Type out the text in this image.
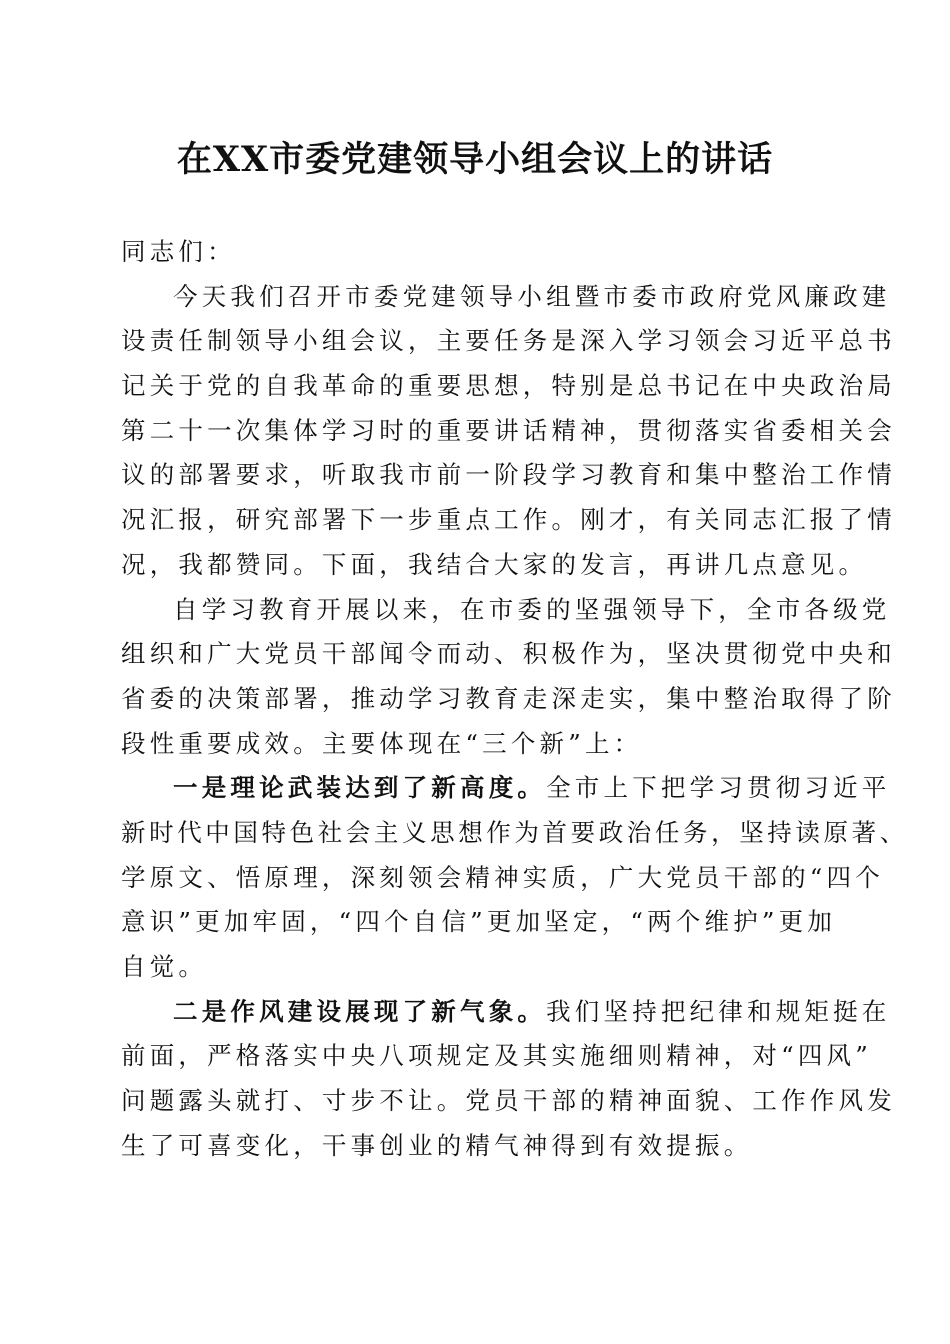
在XX市委党建领导小组会议上的讲话
同志们：
今天我们召开市委党建领导小组暨市委市政府党风廉政建
设责任制领导小组会议，主要任务是深入学习领会习近平总书
记关于党的自我革命的重要思想，特别是总书记在中央政治局
第二十一次集体学习时的重要讲话精神，贯彻落实省委相关会
议的部署要求，听取我市前一阶段学习教育和集中整治工作情
况汇报，研究部署下一步重点工作。刚才，有关同志汇报了情
况，我都赞同。下面，我结合大家的发言，再讲几点意见。
自学习教育开展以来，在市委的坚强领导下，全市各级党
组织和广大党员干部闻令而动、积极作为，坚决贯彻党中央和
省委的决策部署，推动学习教育走深走实，集中整治取得了阶
段性重要成效。主要体现在“三个新”上：
一是理论武装达到了新高度。全市上下把学习贯彻习近平
新时代中国特色社会主义思想作为首要政治任务，坚持读原著、
学原文、悟原理，深刻领会精神实质，广大党员干部的“四个
意识”更加牢固，“四个自信”更加坚定，“两个维护”更加
自觉。
二是作风建设展现了新气象。我们坚持把纪律和规矩挺在
前面，严格落实中央八项规定及其实施细则精神，对“四风”
问题露头就打、寸步不让。党员干部的精神面貌、工作作风发
生了可喜变化，干事创业的精气神得到有效提振。
